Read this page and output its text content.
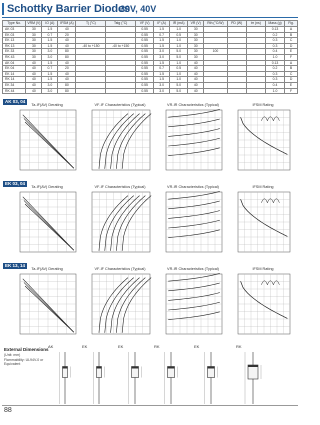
Schottky Barrier Diodes
30V, 40V
Type No.	VRM (V)	IO (A)	IFSM (A)	Tj (°C)	Tstg (°C)	VF (V)	IF (A)	IR (mA)	VR (V)	Rth (°C/W)	PD (W)	trr (ns)	Mass (g)	Fig.
AK 03	30	1.5	40			0.55	1.5	1.0	30				0.13	A
EK 03	30	0.7	20			0.55	0.7	0.5	30				0.2	B
EK 13	30	1.5	40			0.55	1.5	1.0	30				0.3	C
RK 13	30	1.5	40	-40 to +150	-40 to +150	0.55	1.5	1.0	30				0.3	D
EK 33	30	3.0	80			0.55	3.0	5.0	30	100			0.4	E
RK 43	30	3.0	80			0.55	3.0	5.0	30				1.0	F
AK 04	40	1.5	40			0.55	1.5	1.0	40				0.13	A
EK 04	40	0.7	20			0.55	0.7	0.5	40				0.2	B
EK 14	40	1.5	40			0.55	1.5	1.0	40				0.3	C
RK 14	40	1.5	40			0.55	1.5	1.0	40				0.3	D
EK 34	40	3.0	80			0.55	3.0	5.0	40				0.4	E
RK 44	40	3.0	80			0.55	3.0	5.0	40				1.0	F
AK 03, 04
EK 03, 04
EK 13, 14
Ta-IF(AV) Derating	VF-IF Characteristics (Typical)	VR-IR Characteristics (Typical)	IFSM Rating
Ta-IF(AV) Derating	VF-IF Characteristics (Typical)	VR-IR Characteristics (Typical)	IFSM Rating
Ta-IF(AV) Derating	VF-IF Characteristics (Typical)	VR-IR Characteristics (Typical)	IFSM Rating
External Dimensions
(Unit: mm)
Flammability: UL94V-0 or Equivalent
AK	EK	EK	RK	EK	RK
88
